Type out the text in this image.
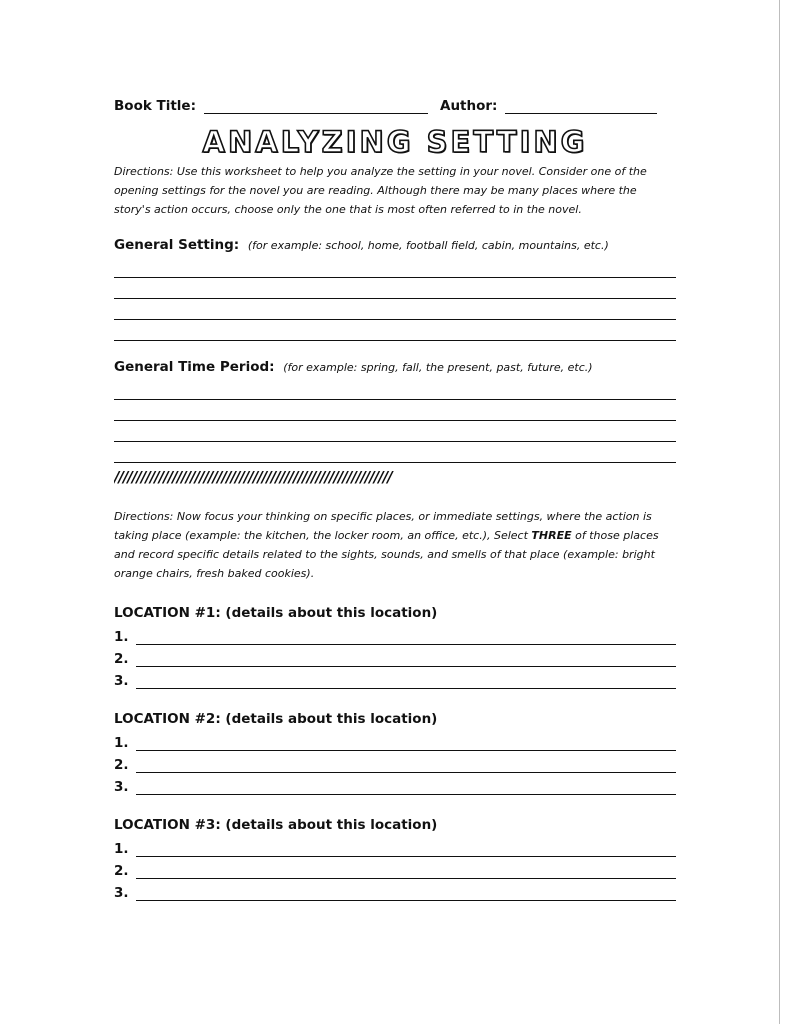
Book Title:	Author:
ANALYZING SETTING
Directions: Use this worksheet to help you analyze the setting in your novel. Consider one of the opening settings for the novel you are reading. Although there may be many places where the story's action occurs, choose only the one that is most often referred to in the novel.
General Setting: (for example: school, home, football field, cabin, mountains, etc.)
General Time Period: (for example: spring, fall, the present, past, future, etc.)
//////////////////////////////////////////////////////////////
Directions: Now focus your thinking on specific places, or immediate settings, where the action is taking place (example: the kitchen, the locker room, an office, etc.), Select THREE of those places and record specific details related to the sights, sounds, and smells of that place (example: bright orange chairs, fresh baked cookies).
LOCATION #1: (details about this location)
1.
2.
3.
LOCATION #2: (details about this location)
1.
2.
3.
LOCATION #3: (details about this location)
1.
2.
3.
